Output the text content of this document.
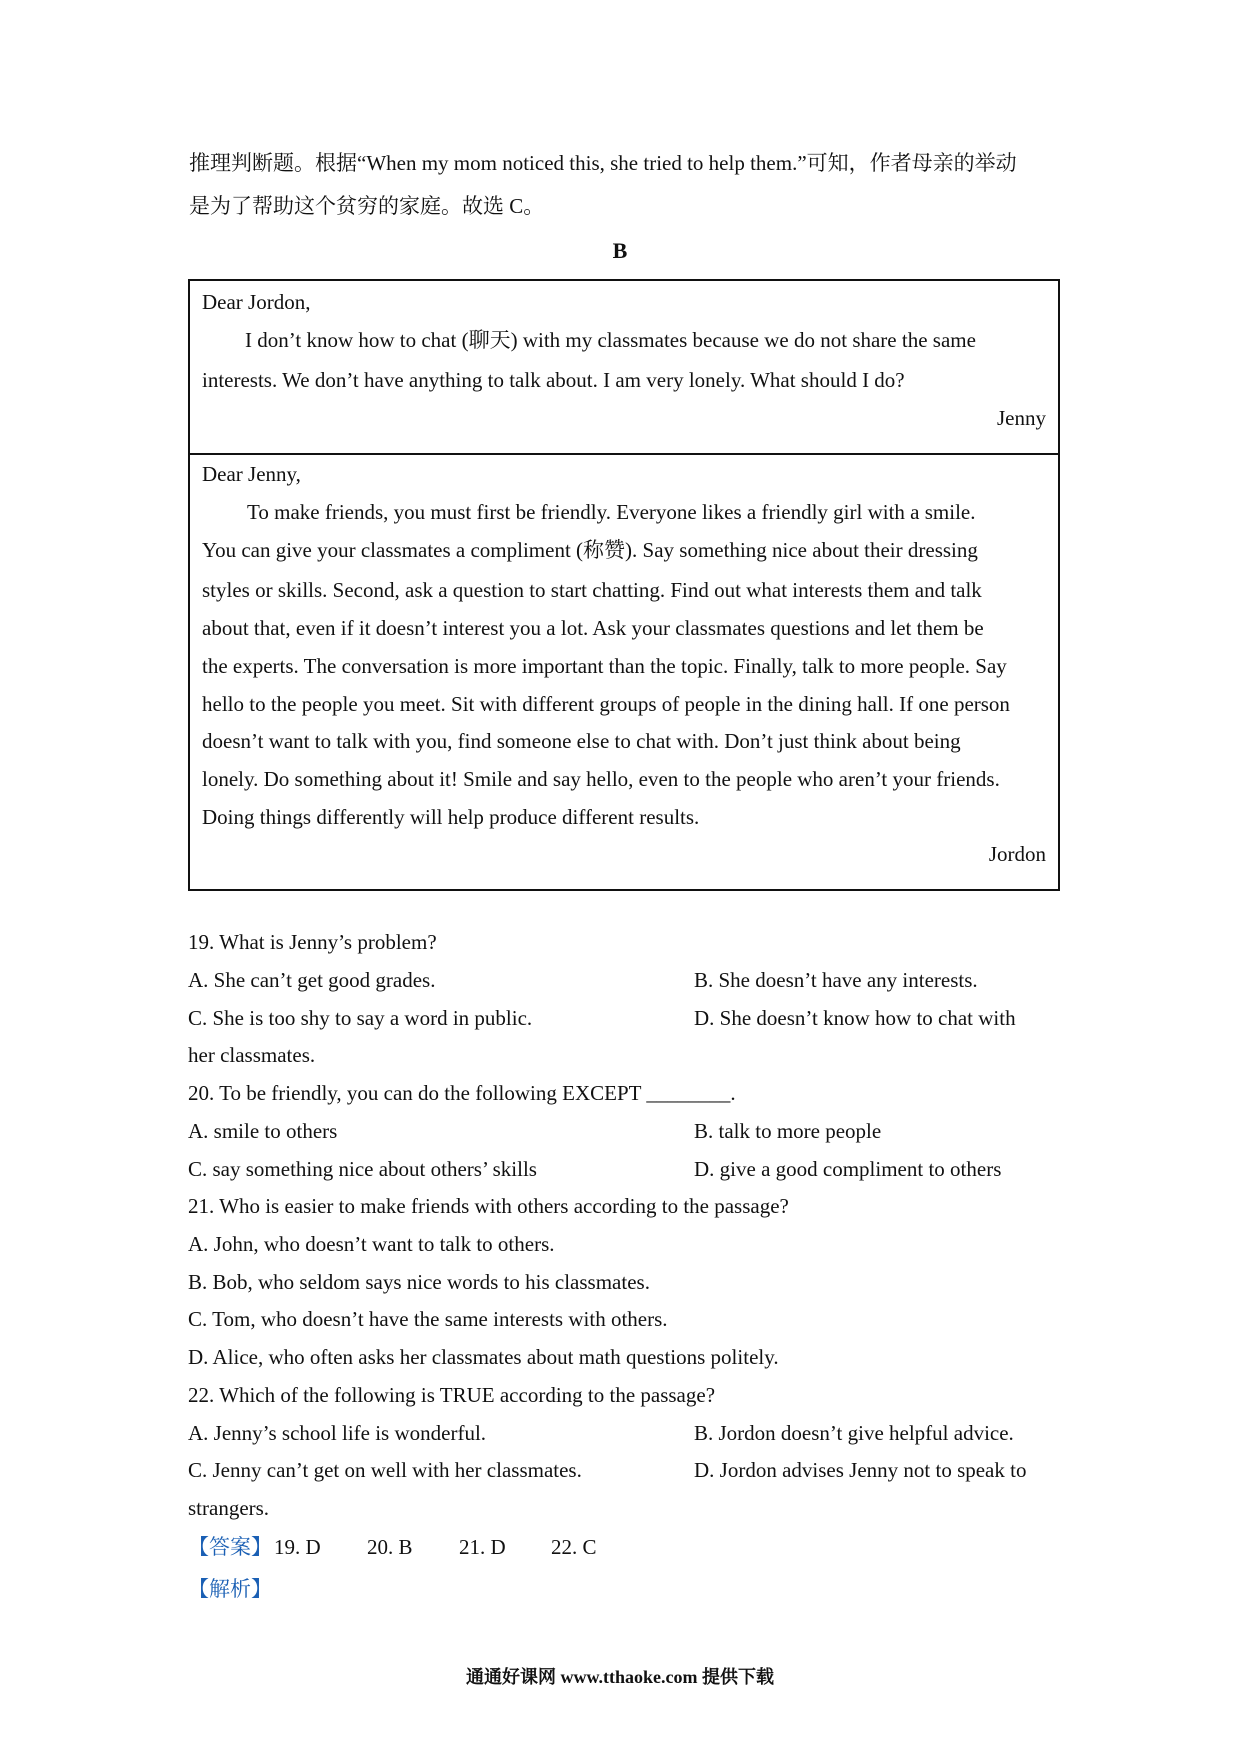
推理判断题。根据“When my mom noticed this, she tried to help them.”可知，作者母亲的举动
是为了帮助这个贫穷的家庭。故选 C。
B
Dear Jordon,
I don’t know how to chat (聊天) with my classmates because we do not share the same
interests. We don’t have anything to talk about. I am very lonely. What should I do?
Jenny
Dear Jenny,
To make friends, you must first be friendly. Everyone likes a friendly girl with a smile.
You can give your classmates a compliment (称赞). Say something nice about their dressing
styles or skills. Second, ask a question to start chatting. Find out what interests them and talk
about that, even if it doesn’t interest you a lot. Ask your classmates questions and let them be
the experts. The conversation is more important than the topic. Finally, talk to more people. Say
hello to the people you meet. Sit with different groups of people in the dining hall. If one person
doesn’t want to talk with you, find someone else to chat with. Don’t just think about being
lonely. Do something about it! Smile and say hello, even to the people who aren’t your friends.
Doing things differently will help produce different results.
Jordon
19. What is Jenny’s problem?
A. She can’t get good grades.	B. She doesn’t have any interests.
C. She is too shy to say a word in public.	D. She doesn’t know how to chat with
her classmates.
20. To be friendly, you can do the following EXCEPT ________.
A. smile to others	B. talk to more people
C. say something nice about others’ skills	D. give a good compliment to others
21. Who is easier to make friends with others according to the passage?
A. John, who doesn’t want to talk to others.
B. Bob, who seldom says nice words to his classmates.
C. Tom, who doesn’t have the same interests with others.
D. Alice, who often asks her classmates about math questions politely.
22. Which of the following is TRUE according to the passage?
A. Jenny’s school life is wonderful.	B. Jordon doesn’t give helpful advice.
C. Jenny can’t get on well with her classmates.	D. Jordon advises Jenny not to speak to
strangers.
【答案】 19. D 20. B 21. D 22. C
【解析】
通通好课网 www.tthaoke.com 提供下载
